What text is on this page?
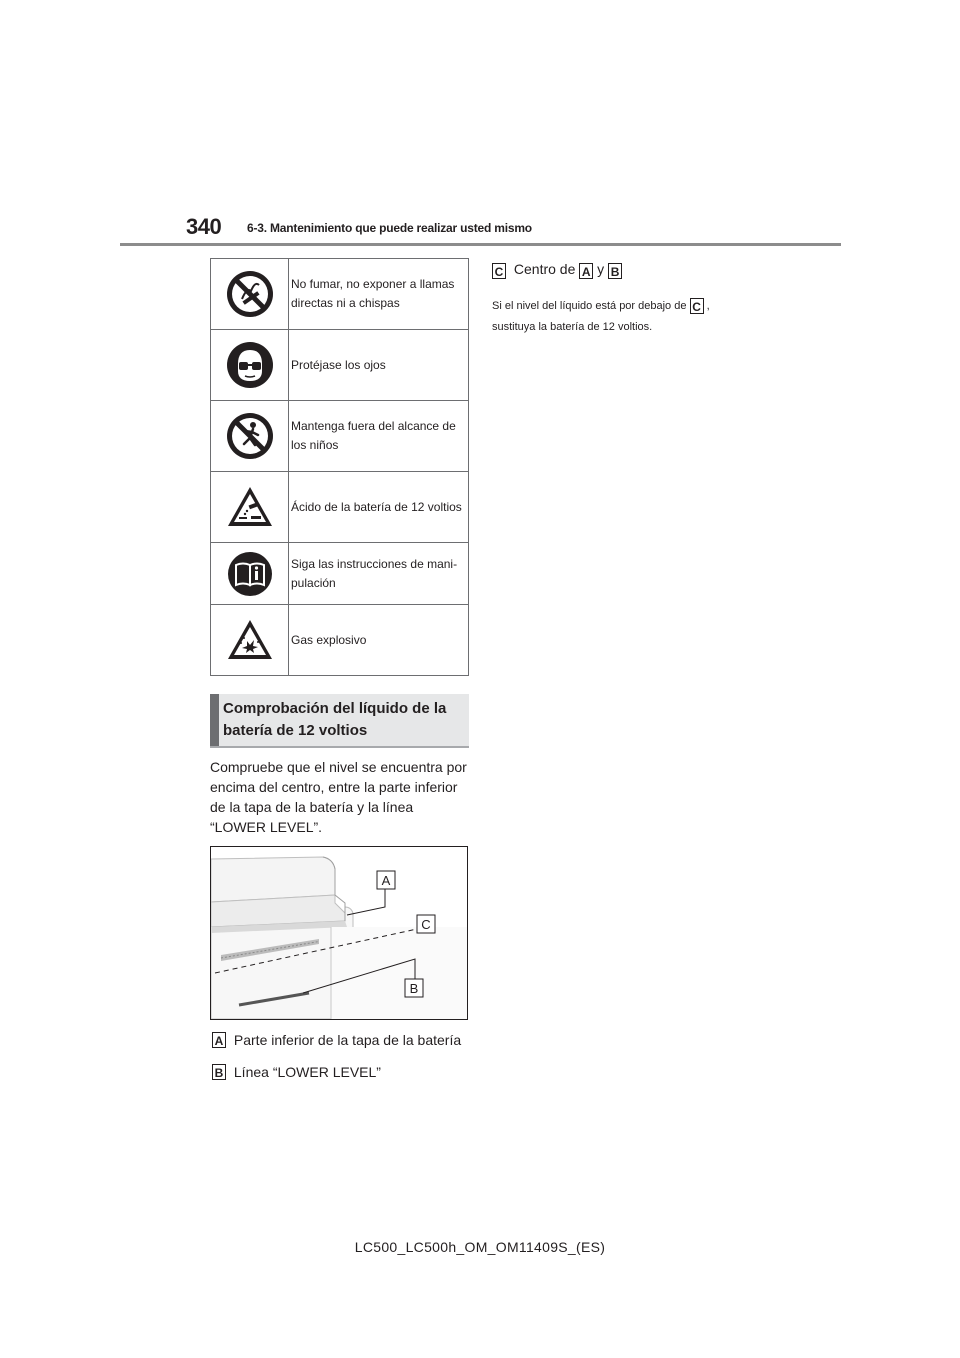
340 6-3. Mantenimiento que puede realizar usted mismo
	No fumar, no exponer a llamas directas ni a chispas

	Protéjase los ojos

	Mantenga fuera del alcance de los niños

	Ácido de la batería de 12 voltios

	Siga las instrucciones de mani-pulación

	Gas explosivo
Comprobación del líquido de la batería de 12 voltios
Compruebe que el nivel se encuentra por encima del centro, entre la parte inferior de la tapa de la batería y la línea “LOWER LEVEL”.
A
C
B
A Parte inferior de la tapa de la batería
B Línea “LOWER LEVEL”
C Centro de A y B
Si el nivel del líquido está por debajo de C ,
sustituya la batería de 12 voltios.
LC500_LC500h_OM_OM11409S_(ES)
